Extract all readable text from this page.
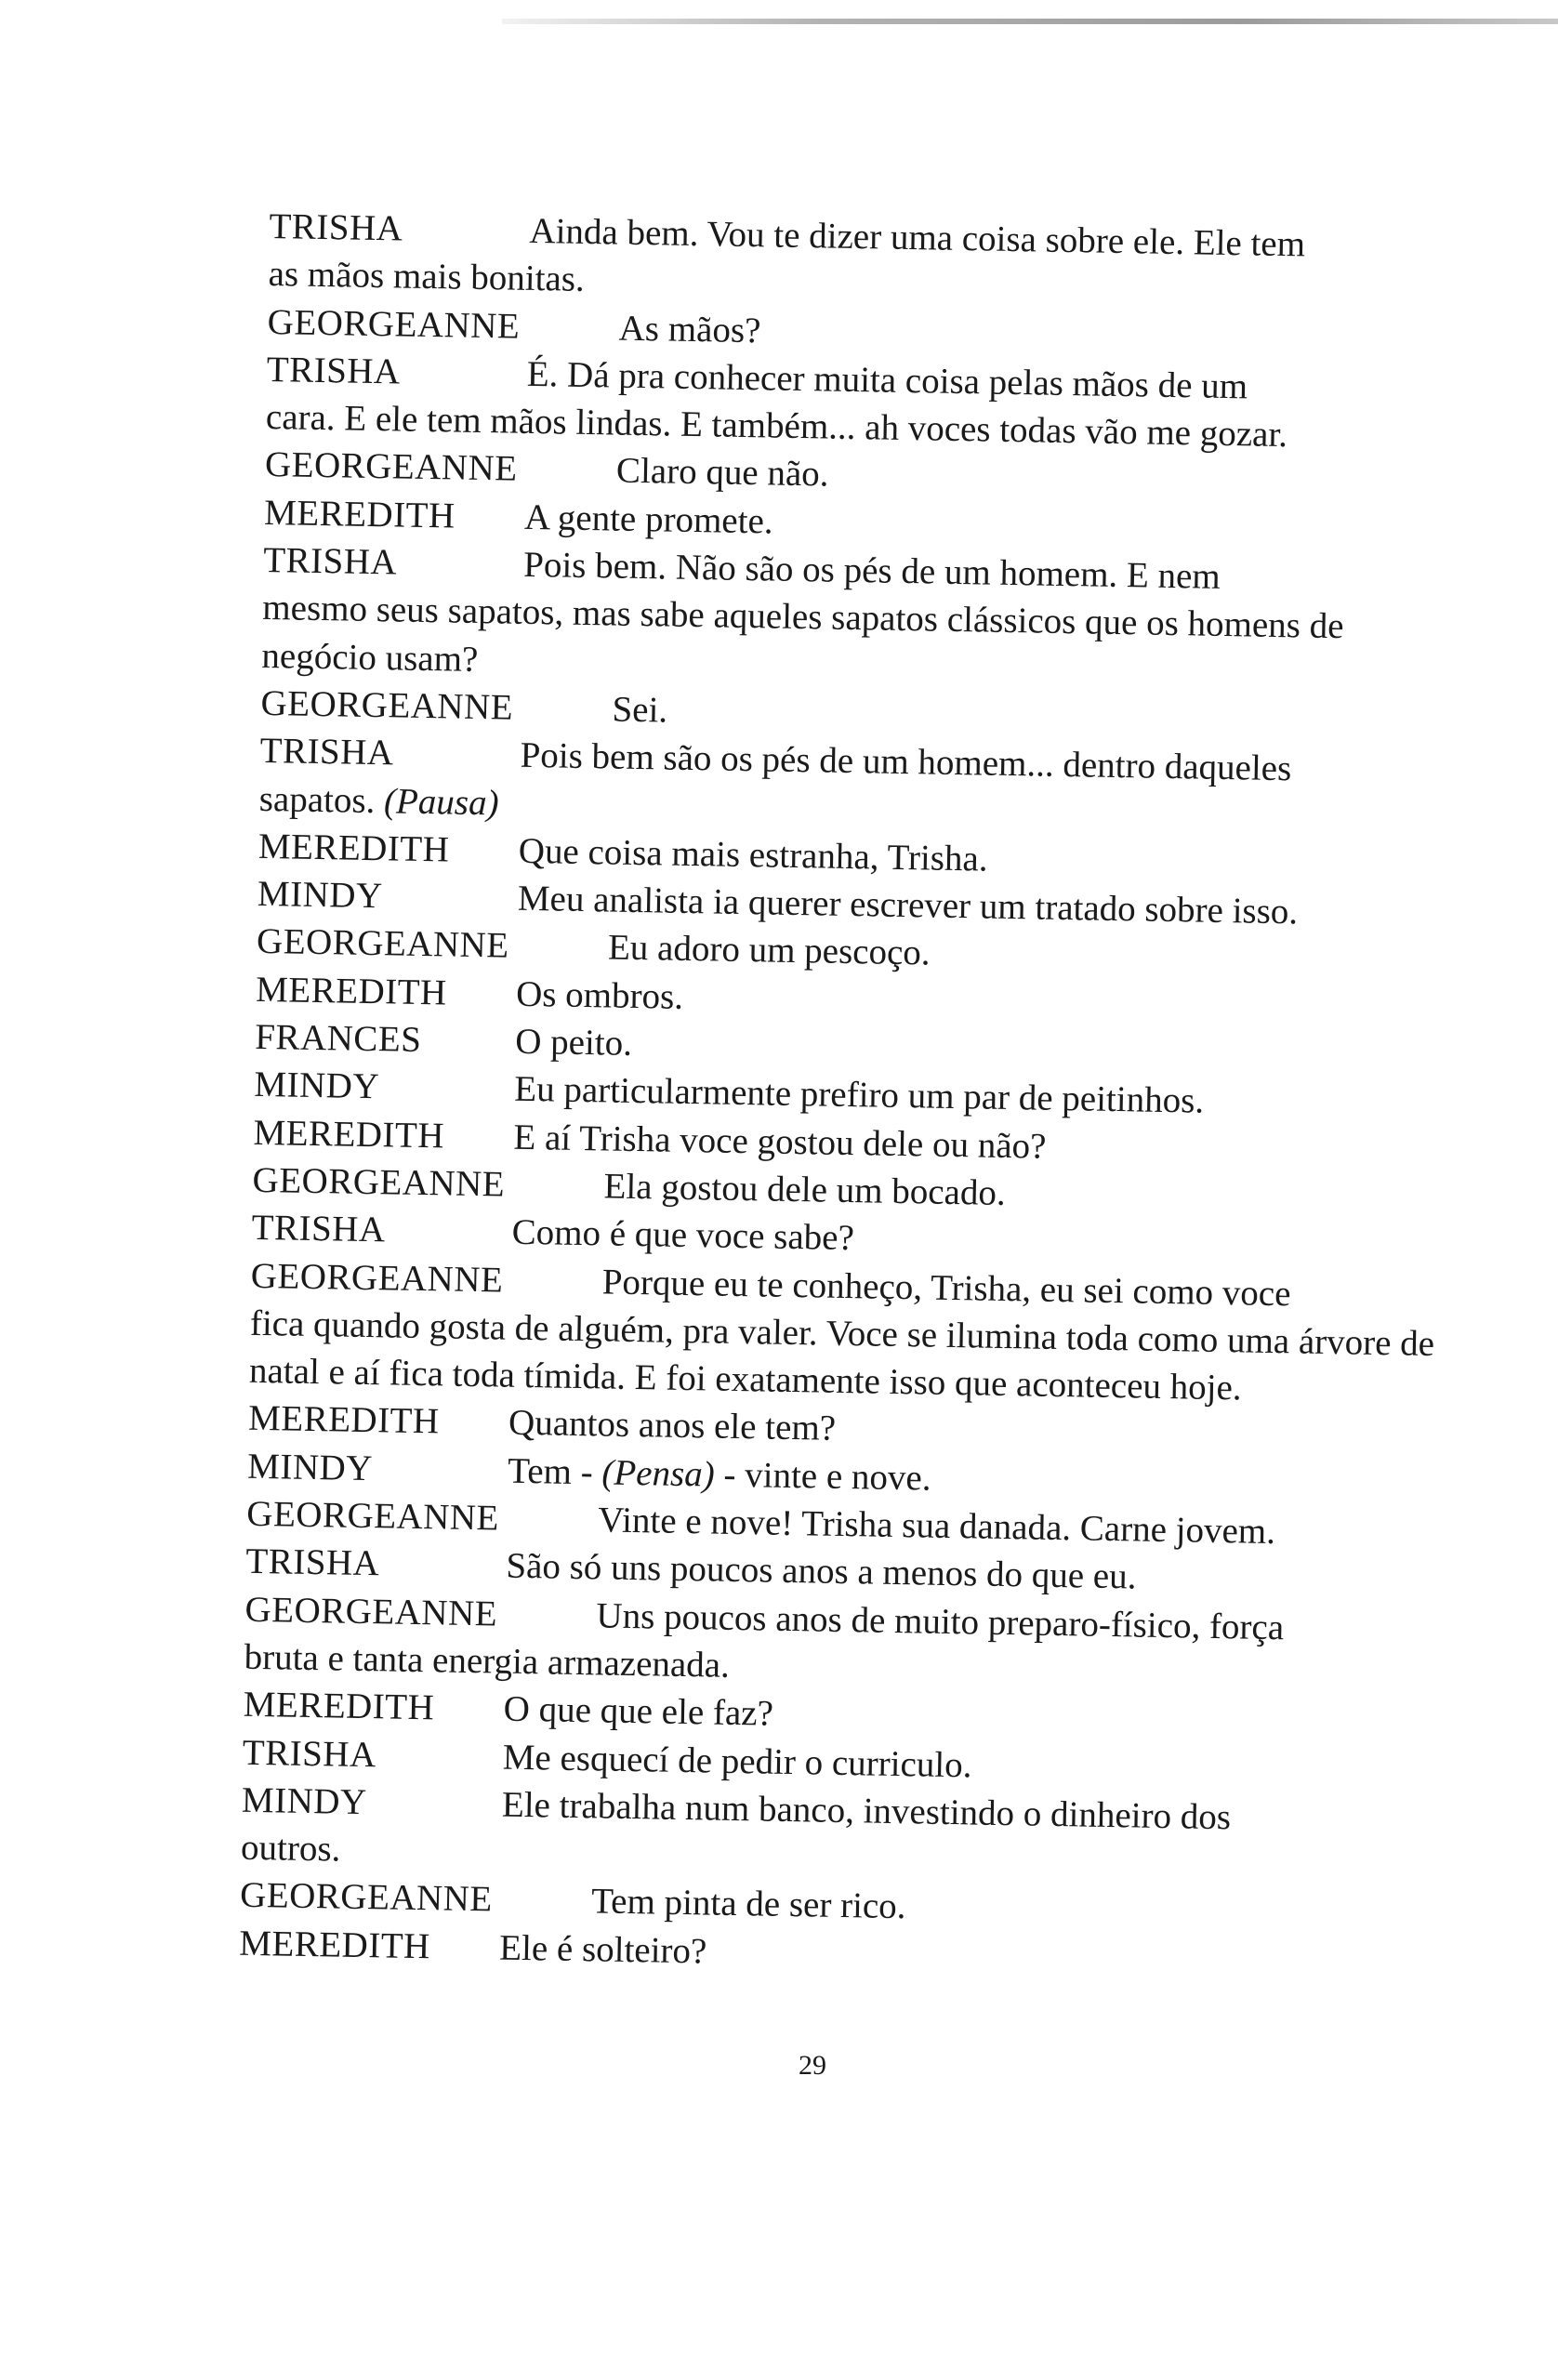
TRISHA	Ainda bem. Vou te dizer uma coisa sobre ele. Ele tem

as mãos mais bonitas.

GEORGEANNE	As mãos?

TRISHA	É. Dá pra conhecer muita coisa pelas mãos de um

cara. E ele tem mãos lindas. E também... ah voces todas vão me gozar.

GEORGEANNE	Claro que não.

MEREDITH A gente promete.

TRISHA	Pois bem. Não são os pés de um homem. E nem

mesmo seus sapatos, mas sabe aqueles sapatos clássicos que os homens de negócio usam?

GEORGEANNE	Sei.

TRISHA	Pois bem são os pés de um homem... dentro daqueles

sapatos. (Pausa)

MEREDITH Que coisa mais estranha, Trisha.

MINDY	Meu analista ia querer escrever um tratado sobre isso.

GEORGEANNE	Eu adoro um pescoço.

MEREDITH Os ombros.

FRANCES	O peito.

MINDY	Eu particularmente prefiro um par de peitinhos.

MEREDITH E aí Trisha voce gostou dele ou não?

GEORGEANNE	Ela gostou dele um bocado.

TRISHA	Como é que voce sabe?

GEORGEANNE	Porque eu te conheço, Trisha, eu sei como voce

fica quando gosta de alguém, pra valer. Voce se ilumina toda como uma árvore de natal e aí fica toda tímida. E foi exatamente isso que aconteceu hoje.

MEREDITH Quantos anos ele tem?

MINDY	Tem - (Pensa) - vinte e nove.

GEORGEANNE	Vinte e nove! Trisha sua danada. Carne jovem.

TRISHA	São só uns poucos anos a menos do que eu.

GEORGEANNE	Uns poucos anos de muito preparo-físico, força

bruta e tanta energia armazenada.

MEREDITH O que que ele faz?

TRISHA	Me esquecí de pedir o curriculo.

MINDY	Ele trabalha num banco, investindo o dinheiro dos

outros.

GEORGEANNE	Tem pinta de ser rico.

MEREDITH Ele é solteiro?

29
